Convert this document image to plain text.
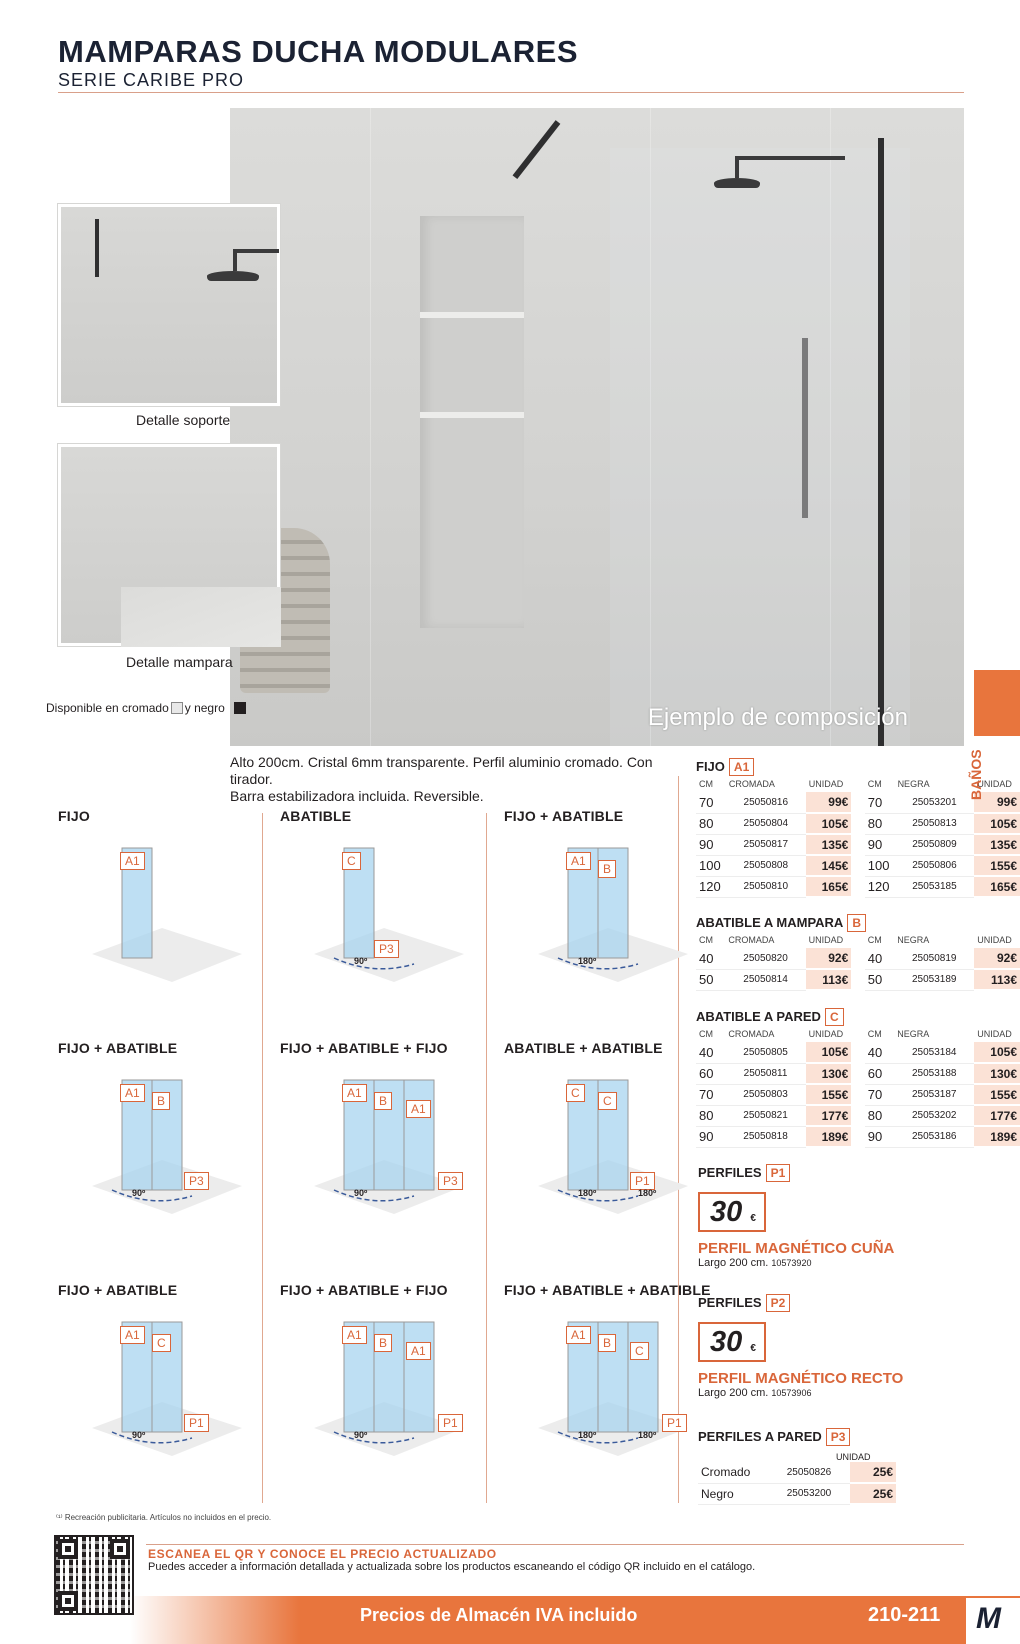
MAMPARAS DUCHA MODULARES
SERIE CARIBE PRO
Ejemplo de composición
Detalle soporte
Detalle mampara
Disponible en cromado y negro
Alto 200cm. Cristal 6mm transparente. Perfil aluminio cromado. Con tirador.
Barra estabilizadora incluida. Reversible.
FIJO
A1
ABATIBLE
C
P3
90º
FIJO + ABATIBLE
A1
B
180º
FIJO + ABATIBLE
A1
B
P3
90º
FIJO + ABATIBLE + FIJO
A1
B
A1
P3
90º
ABATIBLE + ABATIBLE
C
C
P1
180º	180º
FIJO + ABATIBLE
A1
C
P1
90º
FIJO + ABATIBLE + FIJO
A1
B
A1
P1
90º
FIJO + ABATIBLE + ABATIBLE
A1
B
C
P1
180º	180º
FIJO A1
CM	CROMADA	UNIDAD		CM	NEGRA	UNIDAD
70	25050816	99€		70	25053201	99€
80	25050804	105€		80	25050813	105€
90	25050817	135€		90	25050809	135€
100	25050808	145€		100	25050806	155€
120	25050810	165€		120	25053185	165€
ABATIBLE A MAMPARA B
CM	CROMADA	UNIDAD		CM	NEGRA	UNIDAD
40	25050820	92€		40	25050819	92€
50	25050814	113€		50	25053189	113€
ABATIBLE A PARED C
CM	CROMADA	UNIDAD		CM	NEGRA	UNIDAD
40	25050805	105€		40	25053184	105€
60	25050811	130€		60	25053188	130€
70	25050803	155€		70	25053187	155€
80	25050821	177€		80	25053202	177€
90	25050818	189€		90	25053186	189€
PERFILES P1
30 €
PERFIL MAGNÉTICO CUÑA
Largo 200 cm. 10573920
PERFILES P2
30 €
PERFIL MAGNÉTICO RECTO
Largo 200 cm. 10573906
PERFILES A PARED P3
UNIDAD
Cromado	25050826	25€
Negro	25053200	25€
BAÑOS
⁽¹⁾ Recreación publicitaria. Artículos no incluidos en el precio.
ESCANEA EL QR Y CONOCE EL PRECIO ACTUALIZADO
Puedes acceder a información detallada y actualizada sobre los productos escaneando el código QR incluido en el catálogo.
Precios de Almacén IVA incluido	210-211 M
